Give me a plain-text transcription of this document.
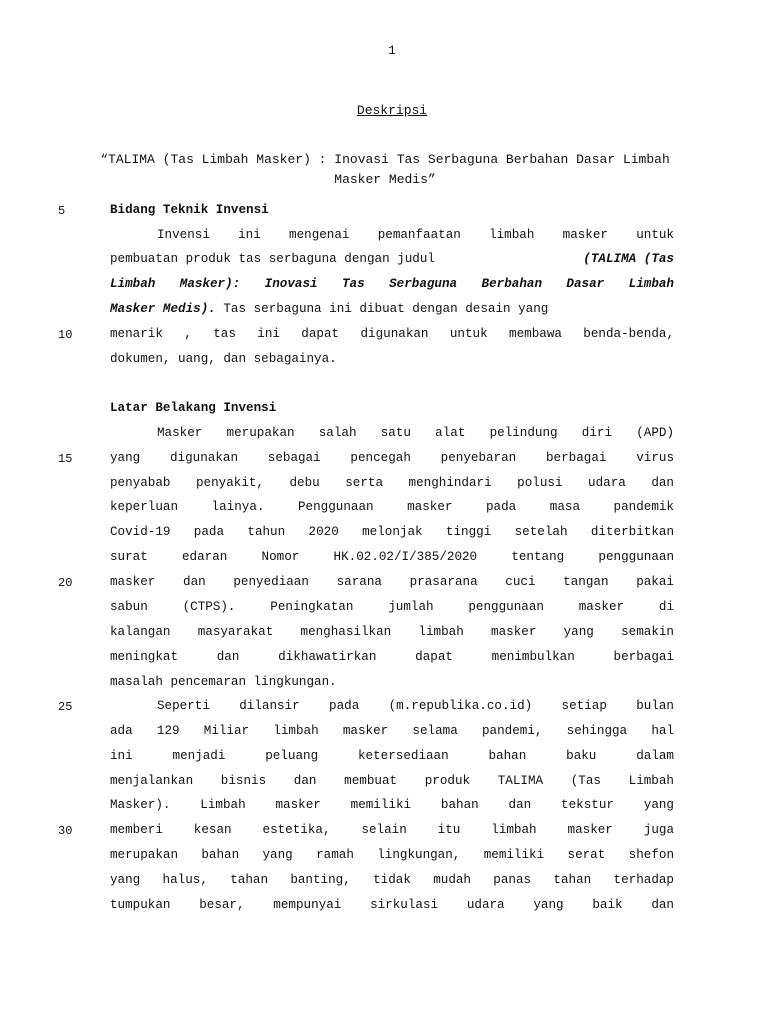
1
Deskripsi
“TALIMA (Tas Limbah Masker) : Inovasi Tas Serbaguna Berbahan Dasar Limbah Masker Medis”
5
10
15
20
25
30
Bidang Teknik Invensi
Invensi ini mengenai pemanfaatan limbah masker untuk
pembuatan produk tas serbaguna dengan judul	(TALIMA (Tas
Limbah Masker): Inovasi Tas Serbaguna Berbahan Dasar Limbah
Masker Medis). Tas serbaguna ini dibuat dengan desain yang
menarik , tas ini dapat digunakan untuk membawa benda-benda,
dokumen, uang, dan sebagainya.
Latar Belakang Invensi
Masker merupakan salah satu alat pelindung diri (APD)
yang digunakan sebagai pencegah penyebaran berbagai virus
penyabab penyakit, debu serta menghindari polusi udara dan
keperluan lainya. Penggunaan masker pada masa pandemik
Covid-19 pada tahun 2020 melonjak tinggi setelah diterbitkan
surat edaran Nomor HK.02.02/I/385/2020 tentang penggunaan
masker dan penyediaan sarana prasarana cuci tangan pakai
sabun (CTPS). Peningkatan jumlah penggunaan masker di
kalangan masyarakat menghasilkan limbah masker yang semakin
meningkat dan dikhawatirkan dapat menimbulkan berbagai
masalah pencemaran lingkungan.
Seperti dilansir pada (m.republika.co.id) setiap bulan
ada 129 Miliar limbah masker selama pandemi, sehingga hal
ini menjadi peluang ketersediaan bahan baku dalam
menjalankan bisnis dan membuat produk TALIMA (Tas Limbah
Masker). Limbah masker memiliki bahan dan tekstur yang
memberi kesan estetika, selain itu limbah masker juga
merupakan bahan yang ramah lingkungan, memiliki serat shefon
yang halus, tahan banting, tidak mudah panas tahan terhadap
tumpukan besar, mempunyai sirkulasi udara yang baik dan
